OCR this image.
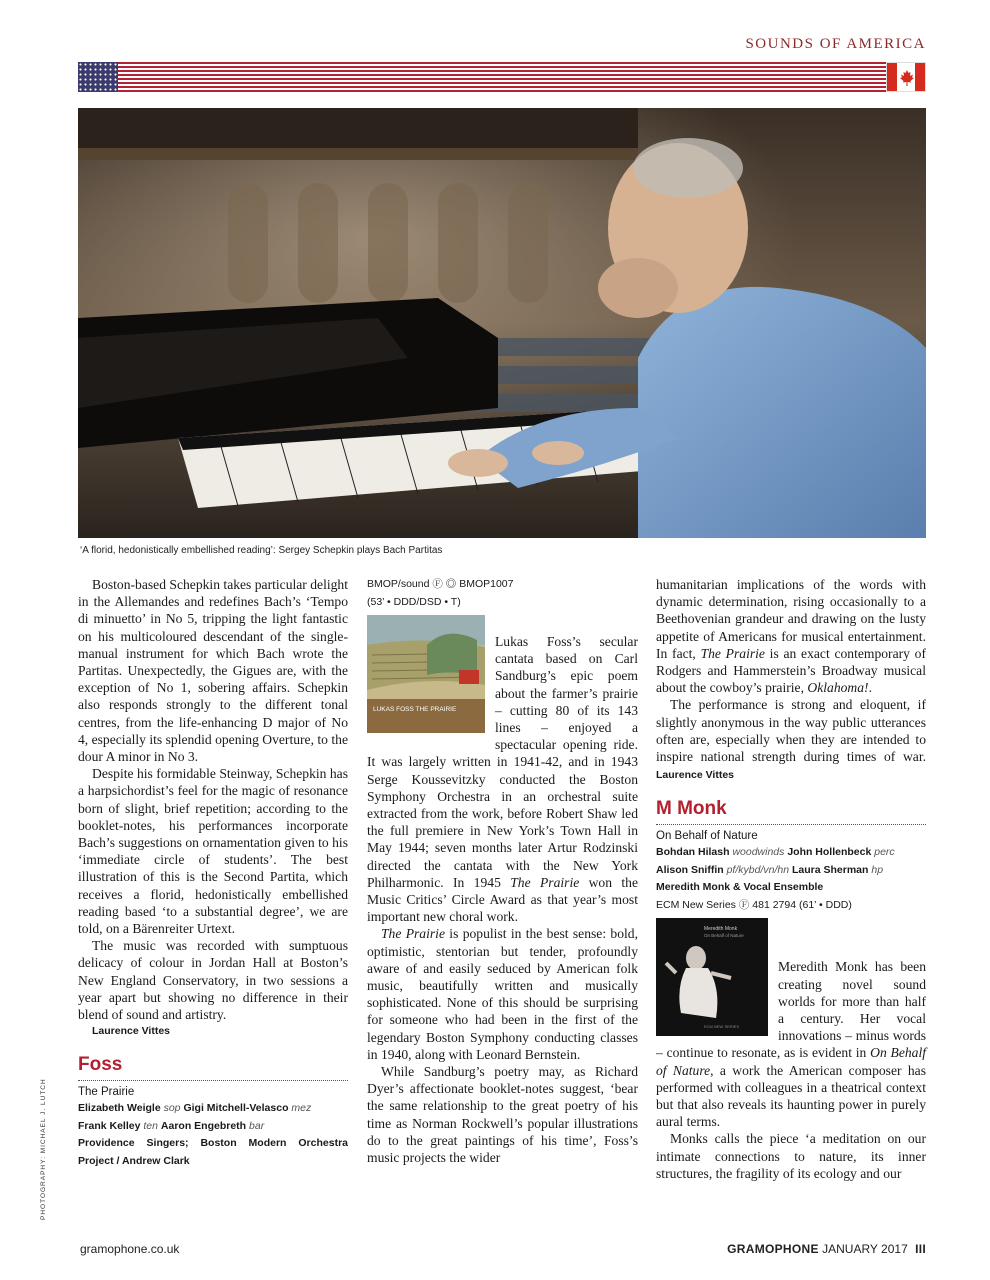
SOUNDS OF AMERICA
‘A florid, hedonistically embellished reading’: Sergey Schepkin plays Bach Partitas

Boston-based Schepkin takes particular delight in the Allemandes and redefines Bach’s ‘Tempo di minuetto’ in No 5, tripping the light fantastic on his multicoloured descendant of the single-manual instrument for which Bach wrote the Partitas. Unexpectedly, the Gigues are, with the exception of No 1, sobering affairs. Schepkin also responds strongly to the different tonal centres, from the life-enhancing D major of No 4, especially its splendid opening Overture, to the dour A minor in No 3.

Despite his formidable Steinway, Schepkin has a harpsichordist’s feel for the magic of resonance born of slight, brief repetition; according to the booklet-notes, his performances incorporate Bach’s suggestions on ornamentation given to his ‘immediate circle of students’. The best illustration of this is the Second Partita, which receives a florid, hedonistically embellished reading based ‘to a substantial degree’, we are told, on a Bärenreiter Urtext.

The music was recorded with sumptuous delicacy of colour in Jordan Hall at Boston’s New England Conservatory, in two sessions a year apart but showing no difference in their blend of sound and artistry.

Laurence Vittes

Foss
The Prairie
Elizabeth Weigle sop Gigi Mitchell-Velasco mez
Frank Kelley ten Aaron Engebreth bar
Providence Singers; Boston Modern Orchestra Project / Andrew Clark
BMOP/sound Ⓕ ◎ BMOP1007
(53’ • DDD/DSD • T)
LUKAS FOSS THE PRAIRIE

Lukas Foss’s secular cantata based on Carl Sandburg’s epic poem about the farmer’s prairie – cutting 80 of its 143 lines – enjoyed a spectacular opening ride. It was largely written in 1941-42, and in 1943 Serge Koussevitzky conducted the Boston Symphony Orchestra in an orchestral suite extracted from the work, before Robert Shaw led the full premiere in New York’s Town Hall in May 1944; seven months later Artur Rodzinski directed the cantata with the New York Philharmonic. In 1945 The Prairie won the Music Critics’ Circle Award as that year’s most important new choral work.

The Prairie is populist in the best sense: bold, optimistic, stentorian but tender, profoundly aware of and easily seduced by American folk music, beautifully written and musically sophisticated. None of this should be surprising for someone who had been in the first of the legendary Boston Symphony conducting classes in 1940, along with Leonard Bernstein.

While Sandburg’s poetry may, as Richard Dyer’s affectionate booklet-notes suggest, ‘bear the same relationship to the great poetry of his time as Norman Rockwell’s popular illustrations do to the great paintings of his time’, Foss’s music projects the wider

humanitarian implications of the words with dynamic determination, rising occasionally to a Beethovenian grandeur and drawing on the lusty appetite of Americans for musical entertainment. In fact, The Prairie is an exact contemporary of Rodgers and Hammerstein’s Broadway musical about the cowboy’s prairie, Oklahoma!.

The performance is strong and eloquent, if slightly anonymous in the way public utterances often are, especially when they are intended to inspire national strength during times of war. Laurence Vittes

M Monk
On Behalf of Nature
Bohdan Hilash woodwinds John Hollenbeck perc
Alison Sniffin pf/kybd/vn/hn Laura Sherman hp
Meredith Monk & Vocal Ensemble
ECM New Series Ⓕ 481 2794 (61’ • DDD)
Meredith Monk
On Behalf of Nature
ECM NEW SERIES

Meredith Monk has been creating novel sound worlds for more than half a century. Her vocal innovations – minus words – continue to resonate, as is evident in On Behalf of Nature, a work the American composer has performed with colleagues in a theatrical context but that also reveals its haunting power in purely aural terms.

Monks calls the piece ‘a meditation on our intimate connections to nature, its inner structures, the fragility of its ecology and our

PHOTOGRAPHY: MICHAEL J. LUTCH
gramophone.co.uk	GRAMOPHONE JANUARY 2017 III
